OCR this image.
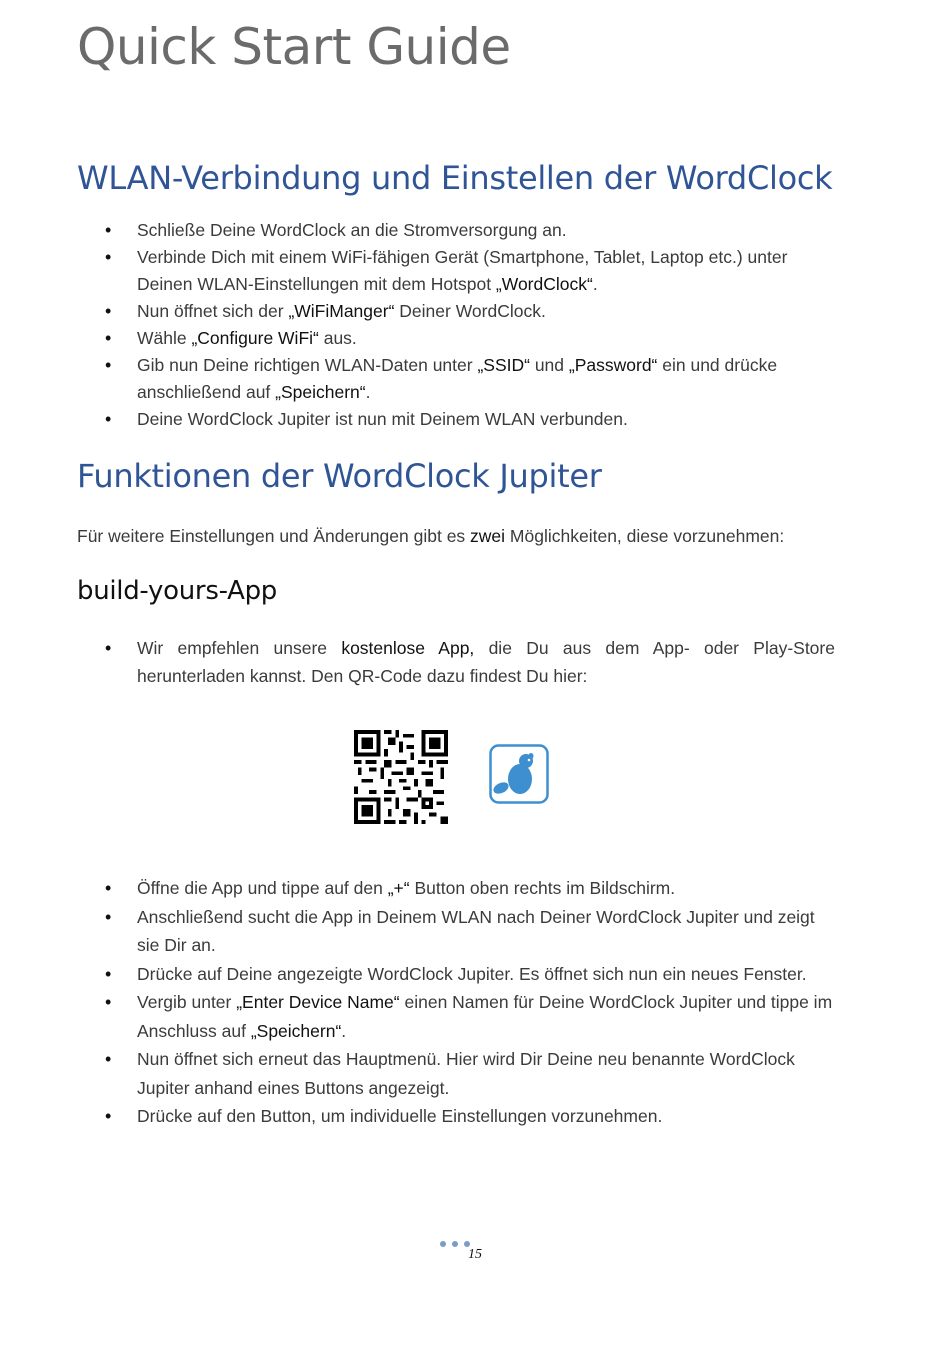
Quick Start Guide
WLAN-Verbindung und Einstellen der WordClock
• Schließe Deine WordClock an die Stromversorgung an.
• Verbinde Dich mit einem WiFi-fähigen Gerät (Smartphone, Tablet, Laptop etc.) unter Deinen WLAN-Einstellungen mit dem Hotspot „WordClock“.
• Nun öffnet sich der „WiFiManger“ Deiner WordClock.
• Wähle „Configure WiFi“ aus.
• Gib nun Deine richtigen WLAN-Daten unter „SSID“ und „Password“ ein und drücke anschließend auf „Speichern“.
• Deine WordClock Jupiter ist nun mit Deinem WLAN verbunden.
Funktionen der WordClock Jupiter

Für weitere Einstellungen und Änderungen gibt es zwei Möglichkeiten, diese vorzunehmen:

build-yours-App
• Wir empfehlen unsere kostenlose App, die Du aus dem App- oder Play-Store herunterladen kannst. Den QR-Code dazu findest Du hier:
• Öffne die App und tippe auf den „+“ Button oben rechts im Bildschirm.
• Anschließend sucht die App in Deinem WLAN nach Deiner WordClock Jupiter und zeigt sie Dir an.
• Drücke auf Deine angezeigte WordClock Jupiter. Es öffnet sich nun ein neues Fenster.
• Vergib unter „Enter Device Name“ einen Namen für Deine WordClock Jupiter und tippe im Anschluss auf „Speichern“.
• Nun öffnet sich erneut das Hauptmenü. Hier wird Dir Deine neu benannte WordClock Jupiter anhand eines Buttons angezeigt.
• Drücke auf den Button, um individuelle Einstellungen vorzunehmen.
15
